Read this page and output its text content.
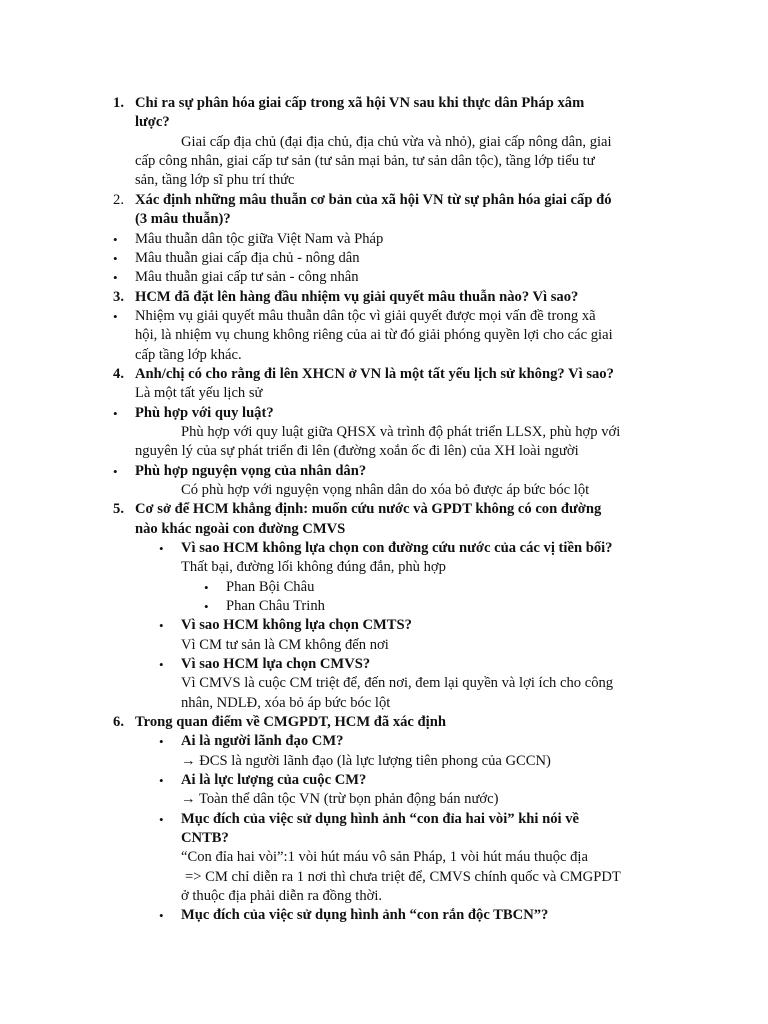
1. Chỉ ra sự phân hóa giai cấp trong xã hội VN sau khi thực dân Pháp xâm
lược?
Giai cấp địa chủ (đại địa chủ, địa chủ vừa và nhỏ), giai cấp nông dân, giai
cấp công nhân, giai cấp tư sản (tư sản mại bản, tư sản dân tộc), tầng lớp tiểu tư
sản, tầng lớp sĩ phu trí thức
2. Xác định những mâu thuẫn cơ bản của xã hội VN từ sự phân hóa giai cấp đó
(3 mâu thuẫn)?
• Mâu thuẫn dân tộc giữa Việt Nam và Pháp
• Mâu thuẫn giai cấp địa chủ - nông dân
• Mâu thuẫn giai cấp tư sản - công nhân
3. HCM đã đặt lên hàng đầu nhiệm vụ giải quyết mâu thuẫn nào? Vì sao?
• Nhiệm vụ giải quyết mâu thuẫn dân tộc vì giải quyết được mọi vấn đề trong xã
hội, là nhiệm vụ chung không riêng của ai từ đó giải phóng quyền lợi cho các giai
cấp tầng lớp khác.
4. Anh/chị có cho rằng đi lên XHCN ở VN là một tất yếu lịch sử không? Vì sao?
Là một tất yếu lịch sử
• Phù hợp với quy luật?
Phù hợp với quy luật giữa QHSX và trình độ phát triển LLSX, phù hợp với
nguyên lý của sự phát triển đi lên (đường xoắn ốc đi lên) của XH loài người
• Phù hợp nguyện vọng của nhân dân?
Có phù hợp với nguyện vọng nhân dân do xóa bỏ được áp bức bóc lột
5. Cơ sở để HCM khẳng định: muốn cứu nước và GPDT không có con đường
nào khác ngoài con đường CMVS
• Vì sao HCM không lựa chọn con đường cứu nước của các vị tiền bối?
Thất bại, đường lối không đúng đắn, phù hợp
• Phan Bội Châu
• Phan Châu Trinh
• Vì sao HCM không lựa chọn CMTS?
Vì CM tư sản là CM không đến nơi
• Vì sao HCM lựa chọn CMVS?
Vì CMVS là cuộc CM triệt để, đến nơi, đem lại quyền và lợi ích cho công
nhân, NDLĐ, xóa bỏ áp bức bóc lột
6. Trong quan điểm về CMGPDT, HCM đã xác định
• Ai là người lãnh đạo CM?
→ ĐCS là người lãnh đạo (là lực lượng tiên phong của GCCN)
• Ai là lực lượng của cuộc CM?
→ Toàn thể dân tộc VN (trừ bọn phản động bán nước)
• Mục đích của việc sử dụng hình ảnh “con đỉa hai vòi” khi nói về
CNTB?
“Con đỉa hai vòi”:1 vòi hút máu vô sản Pháp, 1 vòi hút máu thuộc địa
=> CM chỉ diễn ra 1 nơi thì chưa triệt để, CMVS chính quốc và CMGPDT
ở thuộc địa phải diễn ra đồng thời.
• Mục đích của việc sử dụng hình ảnh “con rắn độc TBCN”?
